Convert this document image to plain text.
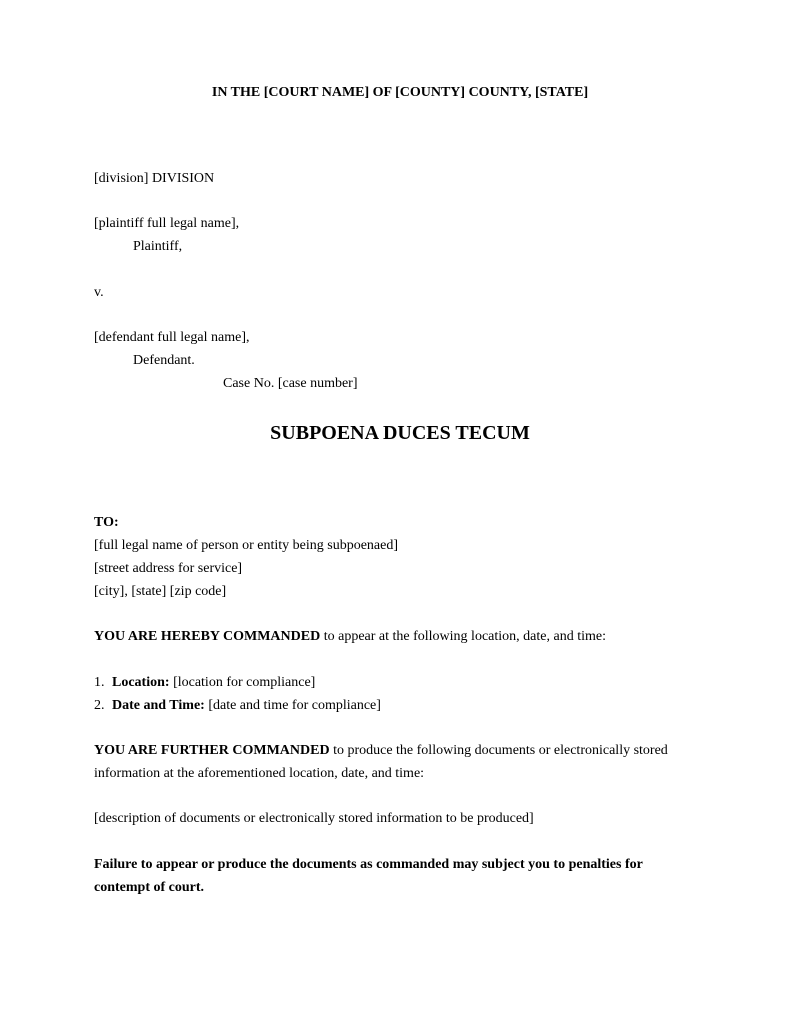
IN THE [COURT NAME] OF [COUNTY] COUNTY, [STATE]
[division] DIVISION
[plaintiff full legal name],
Plaintiff,
v.
[defendant full legal name],
Defendant.
Case No. [case number]
SUBPOENA DUCES TECUM
TO:
[full legal name of person or entity being subpoenaed]
[street address for service]
[city], [state] [zip code]
YOU ARE HEREBY COMMANDED to appear at the following location, date, and time:
1. Location: [location for compliance]
2. Date and Time: [date and time for compliance]
YOU ARE FURTHER COMMANDED to produce the following documents or electronically stored
information at the aforementioned location, date, and time:
[description of documents or electronically stored information to be produced]
Failure to appear or produce the documents as commanded may subject you to penalties for
contempt of court.
